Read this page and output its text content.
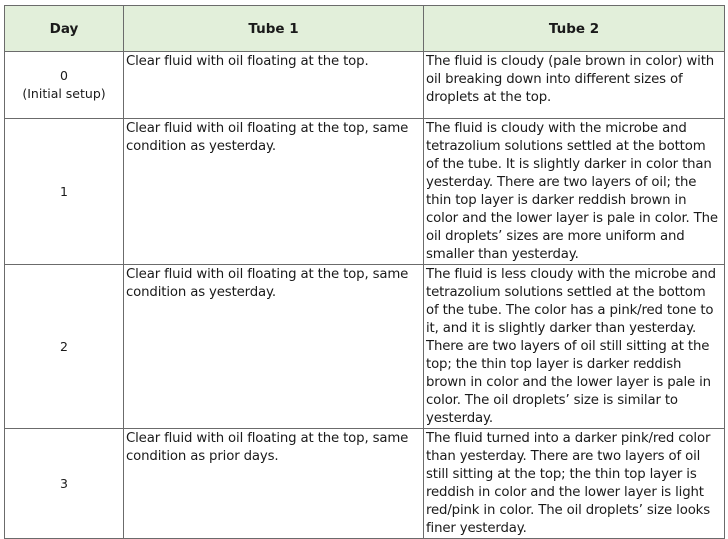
Day	Tube 1	Tube 2

0
(Initial setup)	Clear fluid with oil floating at the top.	The fluid is cloudy (pale brown in color) with oil breaking down into different sizes of droplets at the top.

1	Clear fluid with oil floating at the top, same condition as yesterday.	The fluid is cloudy with the microbe and tetrazolium solutions settled at the bottom of the tube. It is slightly darker in color than yesterday. There are two layers of oil; the thin top layer is darker reddish brown in color and the lower layer is pale in color. The oil droplets’ sizes are more uniform and smaller than yesterday.

2	Clear fluid with oil floating at the top, same condition as yesterday.	The fluid is less cloudy with the microbe and tetrazolium solutions settled at the bottom of the tube. The color has a pink/red tone to it, and it is slightly darker than yesterday. There are two layers of oil still sitting at the top; the thin top layer is darker reddish brown in color and the lower layer is pale in color. The oil droplets’ size is similar to yesterday.

3	Clear fluid with oil floating at the top, same condition as prior days.	The fluid turned into a darker pink/red color than yesterday. There are two layers of oil still sitting at the top; the thin top layer is reddish in color and the lower layer is light red/pink in color. The oil droplets’ size looks finer yesterday.
